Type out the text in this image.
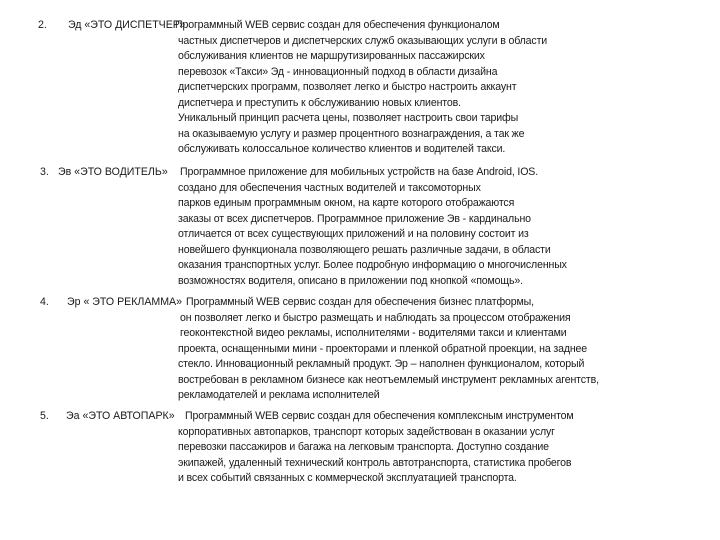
2. Эд «ЭТО ДИСПЕТЧЕР»
Программный WEB сервис создан для обеспечения функционалом
частных диспетчеров и диспетчерских служб оказывающих услуги в области
обслуживания клиентов не маршрутизированных пассажирских
перевозок «Такси» Эд - инновационный подход в области дизайна
диспетчерских программ, позволяет легко и быстро настроить аккаунт
диспетчера и преступить к обслуживанию новых клиентов.
Уникальный принцип расчета цены, позволяет настроить свои тарифы
на оказываемую услугу и размер процентного вознаграждения, а так же
обслуживать колоссальное количество клиентов и водителей такси.
3. Эв «ЭТО ВОДИТЕЛЬ» Программное приложение для мобильных устройств на базе Android, IOS.
создано для обеспечения частных водителей и таксомоторных
парков единым программным окном, на карте которого отображаются
заказы от всех диспетчеров. Программное приложение Эв - кардинально
отличается от всех существующих приложений и на половину состоит из
новейшего функционала позволяющего решать различные задачи, в области
оказания транспортных услуг. Более подробную информацию о многочисленных
возможностях водителя, описано в приложении под кнопкой «помощь».
4. Эр « ЭТО РЕКЛАММА» Программный WEB сервис создан для обеспечения бизнес платформы,
он позволяет легко и быстро размещать и наблюдать за процессом отображения
геоконтекстной видео рекламы, исполнителями - водителями такси и клиентами
проекта, оснащенными мини - проекторами и пленкой обратной проекции, на заднее
стекло. Инновационный рекламный продукт. Эр – наполнен функционалом, который
востребован в рекламном бизнесе как неотъемлемый инструмент рекламных агентств,
рекламодателей и реклама исполнителей
5. Эа «ЭТО АВТОПАРК» Программный WEB сервис создан для обеспечения комплексным инструментом
корпоративных автопарков, транспорт которых задействован в оказании услуг
перевозки пассажиров и багажа на легковым транспорта. Доступно создание
экипажей, удаленный технический контроль автотранспорта, статистика пробегов
и всех событий связанных с коммерческой эксплуатацией транспорта.
